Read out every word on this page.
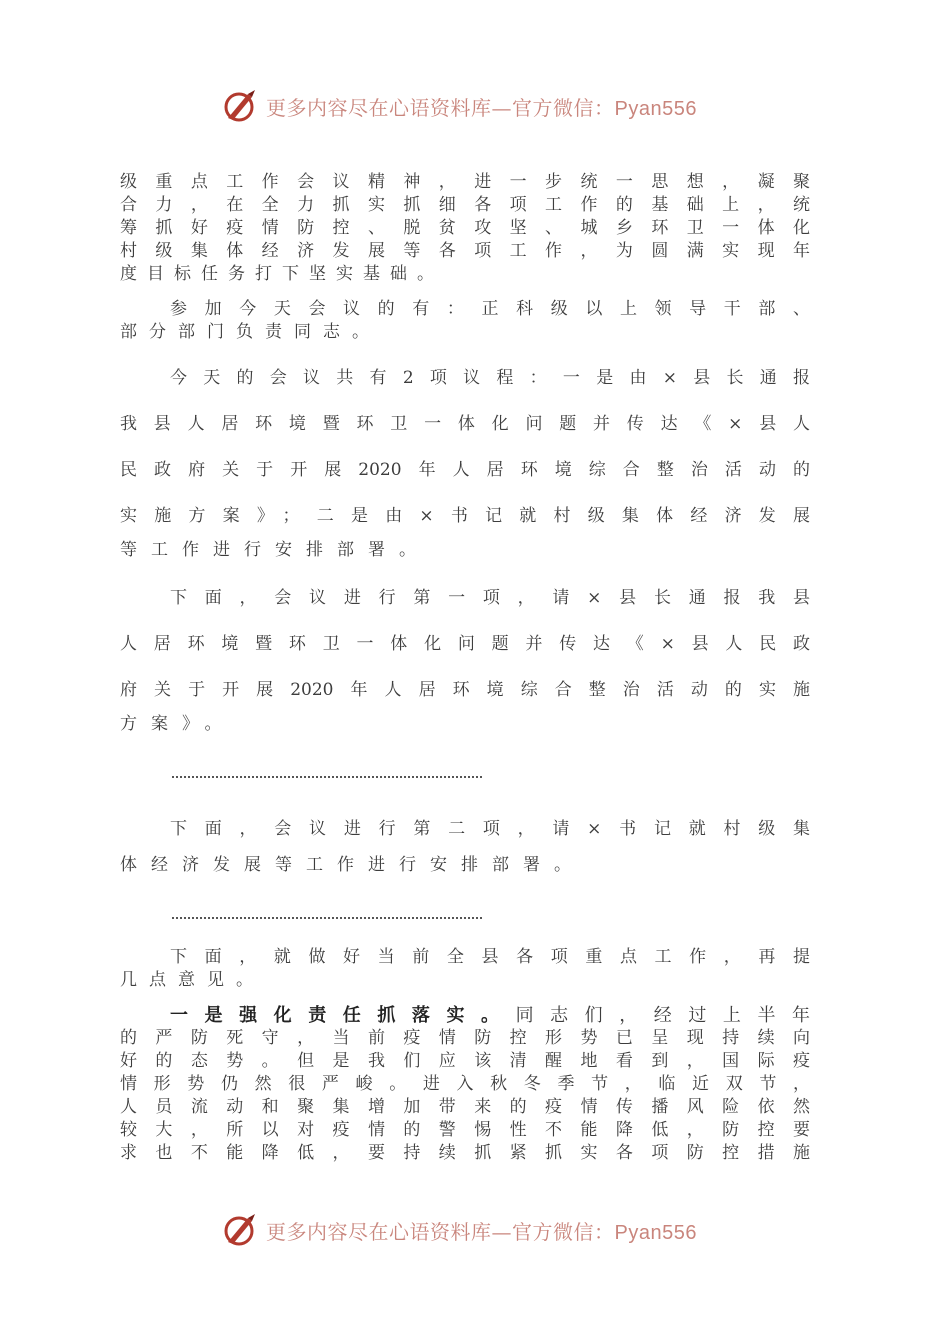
更多内容尽在心语资料库—官方微信：Pyan556
级重点工作会议精神，进一步统一思想，凝聚
合力，在全力抓实抓细各项工作的基础上，统
筹抓好疫情防控、脱贫攻坚、城乡环卫一体化
村级集体经济发展等各项工作，为圆满实现年
度目标任务打下坚实基础。
参加今天会议的有：正科级以上领导干部、
部分部门负责同志。
今天的会议共有2项议程：一是由×县长通报
我县人居环境暨环卫一体化问题并传达《×县人
民政府关于开展2020年人居环境综合整治活动的
实施方案》；二是由×书记就村级集体经济发展
等工作进行安排部署。
下面，会议进行第一项，请×县长通报我县
人居环境暨环卫一体化问题并传达《×县人民政
府关于开展2020年人居环境综合整治活动的实施
方案》。
下面，会议进行第二项，请×书记就村级集
体经济发展等工作进行安排部署。
下面，就做好当前全县各项重点工作，再提
几点意见。
一是强化责任抓落实。同志们，经过上半年
的严防死守，当前疫情防控形势已呈现持续向
好的态势。但是我们应该清醒地看到，国际疫
情形势仍然很严峻。进入秋冬季节，临近双节，
人员流动和聚集增加带来的疫情传播风险依然
较大，所以对疫情的警惕性不能降低，防控要
求也不能降低，要持续抓紧抓实各项防控措施
更多内容尽在心语资料库—官方微信：Pyan556
